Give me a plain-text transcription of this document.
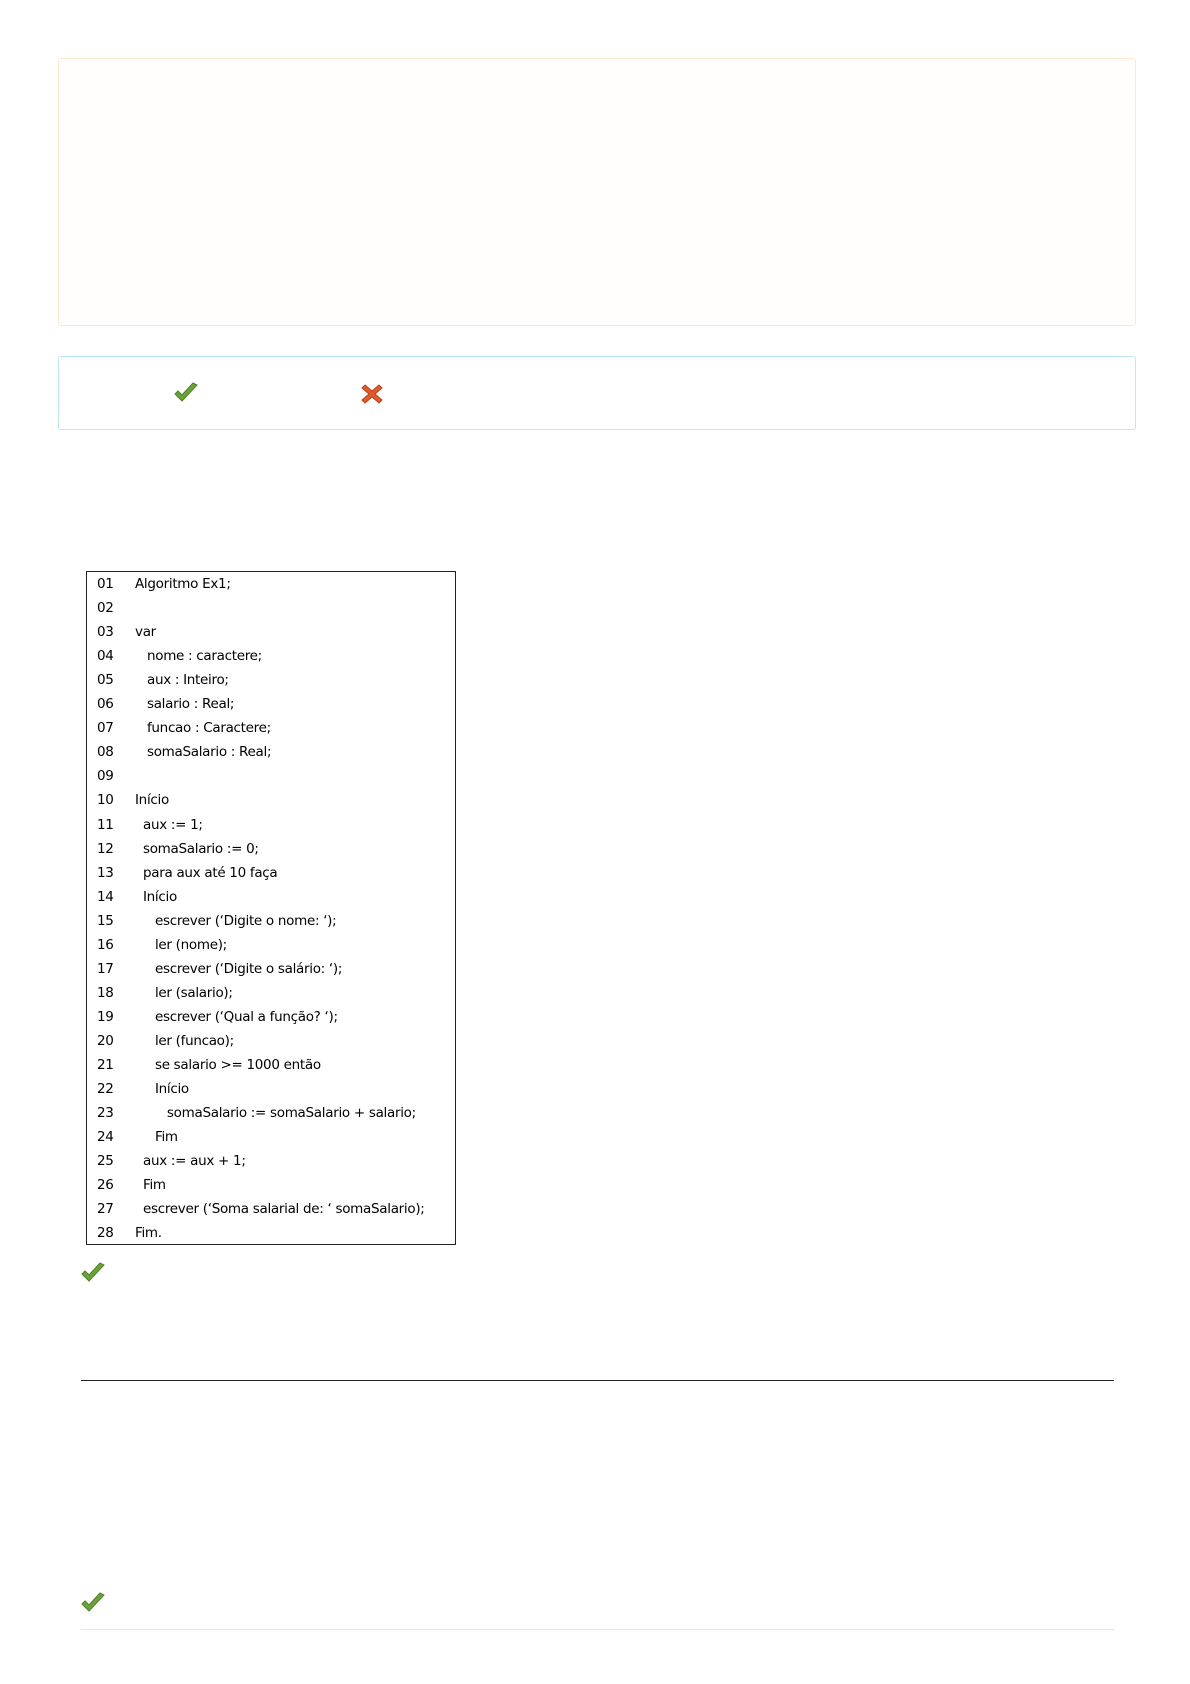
01 Algoritmo Ex1;
02
03 var
04 nome : caractere;
05 aux : Inteiro;
06 salario : Real;
07 funcao : Caractere;
08 somaSalario : Real;
09
10 Início
11 aux := 1;
12 somaSalario := 0;
13 para aux até 10 faça
14 Início
15 escrever (‘Digite o nome: ‘);
16 ler (nome);
17 escrever (‘Digite o salário: ‘);
18 ler (salario);
19 escrever (‘Qual a função? ‘);
20 ler (funcao);
21 se salario >= 1000 então
22 Início
23 somaSalario := somaSalario + salario;
24 Fim
25 aux := aux + 1;
26 Fim
27 escrever (‘Soma salarial de: ‘ somaSalario);
28 Fim.
